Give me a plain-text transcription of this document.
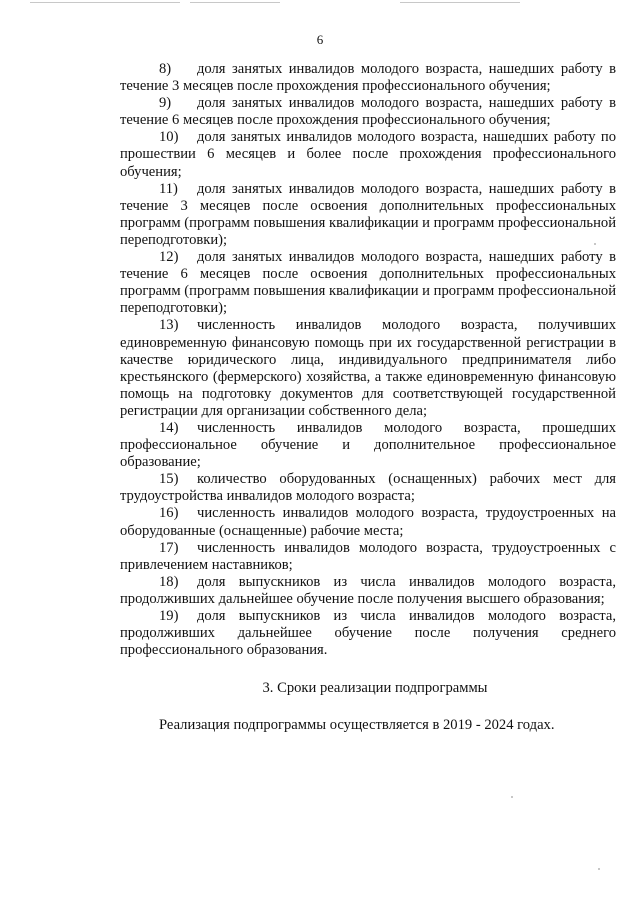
6

8) доля занятых инвалидов молодого возраста, нашедших работу в течение 3 месяцев после прохождения профессионального обучения;

9) доля занятых инвалидов молодого возраста, нашедших работу в течение 6 месяцев после прохождения профессионального обучения;

10) доля занятых инвалидов молодого возраста, нашедших работу по прошествии 6 месяцев и более после прохождения профессионального обучения;

11) доля занятых инвалидов молодого возраста, нашедших работу в течение 3 месяцев после освоения дополнительных профессиональных программ (программ повышения квалификации и программ профессиональной переподготовки);

12) доля занятых инвалидов молодого возраста, нашедших работу в течение 6 месяцев после освоения дополнительных профессиональных программ (программ повышения квалификации и программ профессиональной переподготовки);

13) численность инвалидов молодого возраста, получивших единовременную финансовую помощь при их государственной регистрации в качестве юридического лица, индивидуального предпринимателя либо крестьянского (фермерского) хозяйства, а также единовременную финансовую помощь на подготовку документов для соответствующей государственной регистрации для организации собственного дела;

14) численность инвалидов молодого возраста, прошедших профессиональное обучение и дополнительное профессиональное образование;

15) количество оборудованных (оснащенных) рабочих мест для трудоустройства инвалидов молодого возраста;

16) численность инвалидов молодого возраста, трудоустроенных на оборудованные (оснащенные) рабочие места;

17) численность инвалидов молодого возраста, трудоустроенных с привлечением наставников;

18) доля выпускников из числа инвалидов молодого возраста, продолживших дальнейшее обучение после получения высшего образования;

19) доля выпускников из числа инвалидов молодого возраста, продолживших дальнейшее обучение после получения среднего профессионального образования.

3. Сроки реализации подпрограммы

Реализация подпрограммы осуществляется в 2019 - 2024 годах.
